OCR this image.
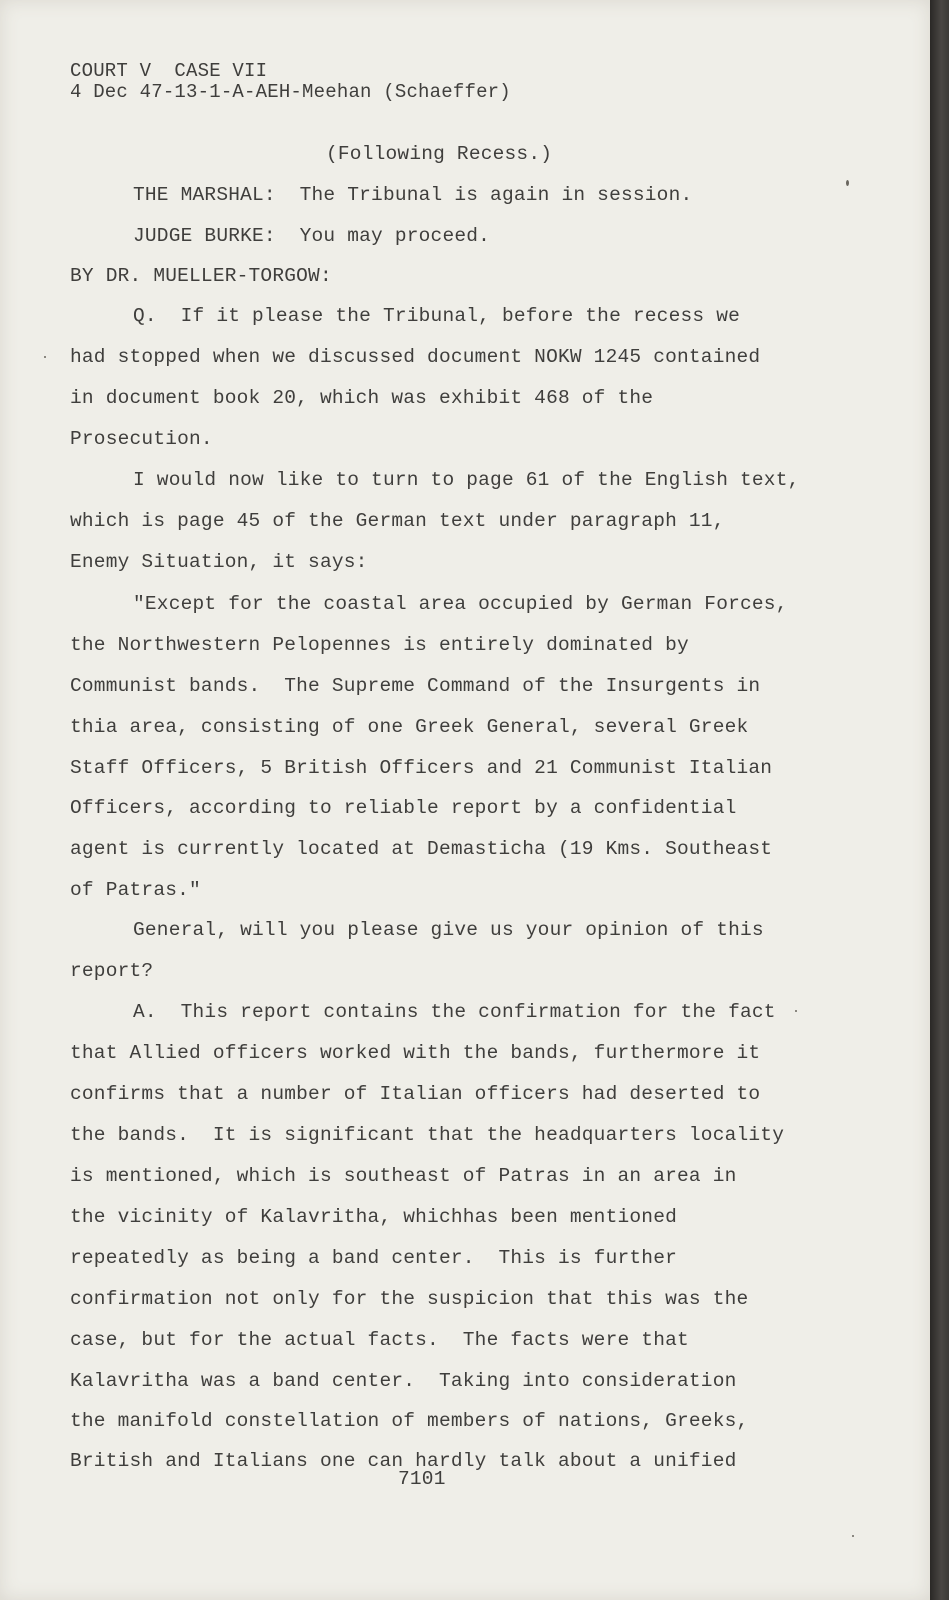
COURT V  CASE VII
4 Dec 47-13-1-A-AEH-Meehan (Schaeffer)
(Following Recess.)
THE MARSHAL:  The Tribunal is again in session.
JUDGE BURKE:  You may proceed.
BY DR. MUELLER-TORGOW:
Q.  If it please the Tribunal, before the recess we
had stopped when we discussed document NOKW 1245 contained
in document book 20, which was exhibit 468 of the
Prosecution.
I would now like to turn to page 61 of the English text,
which is page 45 of the German text under paragraph 11,
Enemy Situation, it says:
"Except for the coastal area occupied by German Forces,
the Northwestern Pelopennes is entirely dominated by
Communist bands.  The Supreme Command of the Insurgents in
thia area, consisting of one Greek General, several Greek
Staff Officers, 5 British Officers and 21 Communist Italian
Officers, according to reliable report by a confidential
agent is currently located at Demasticha (19 Kms. Southeast
of Patras."
General, will you please give us your opinion of this
report?
A.  This report contains the confirmation for the fact
that Allied officers worked with the bands, furthermore it
confirms that a number of Italian officers had deserted to
the bands.  It is significant that the headquarters locality
is mentioned, which is southeast of Patras in an area in
the vicinity of Kalavritha, whichhas been mentioned
repeatedly as being a band center.  This is further
confirmation not only for the suspicion that this was the
case, but for the actual facts.  The facts were that
Kalavritha was a band center.  Taking into consideration
the manifold constellation of members of nations, Greeks,
British and Italians one can hardly talk about a unified
7101
